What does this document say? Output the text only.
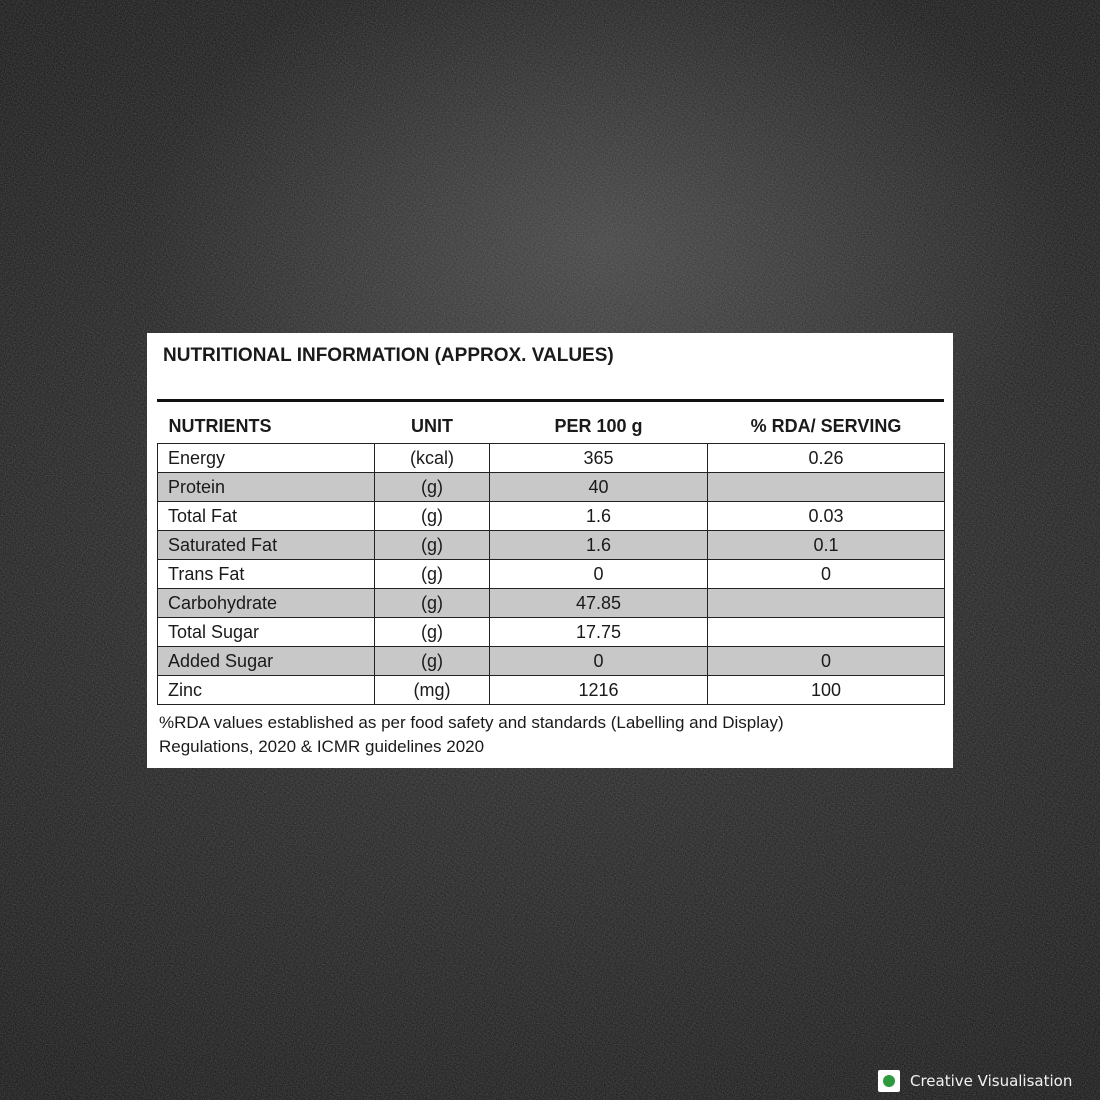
NUTRITIONAL INFORMATION (APPROX. VALUES)
NUTRIENTS	UNIT	PER 100 g	% RDA/ SERVING
Energy	(kcal)	365	0.26
Protein	(g)	40	
Total Fat	(g)	1.6	0.03
Saturated Fat	(g)	1.6	0.1
Trans Fat	(g)	0	0
Carbohydrate	(g)	47.85	
Total Sugar	(g)	17.75	
Added Sugar	(g)	0	0
Zinc	(mg)	1216	100
%RDA values established as per food safety and standards (Labelling and Display)
Regulations, 2020 & ICMR guidelines 2020
Creative Visualisation
